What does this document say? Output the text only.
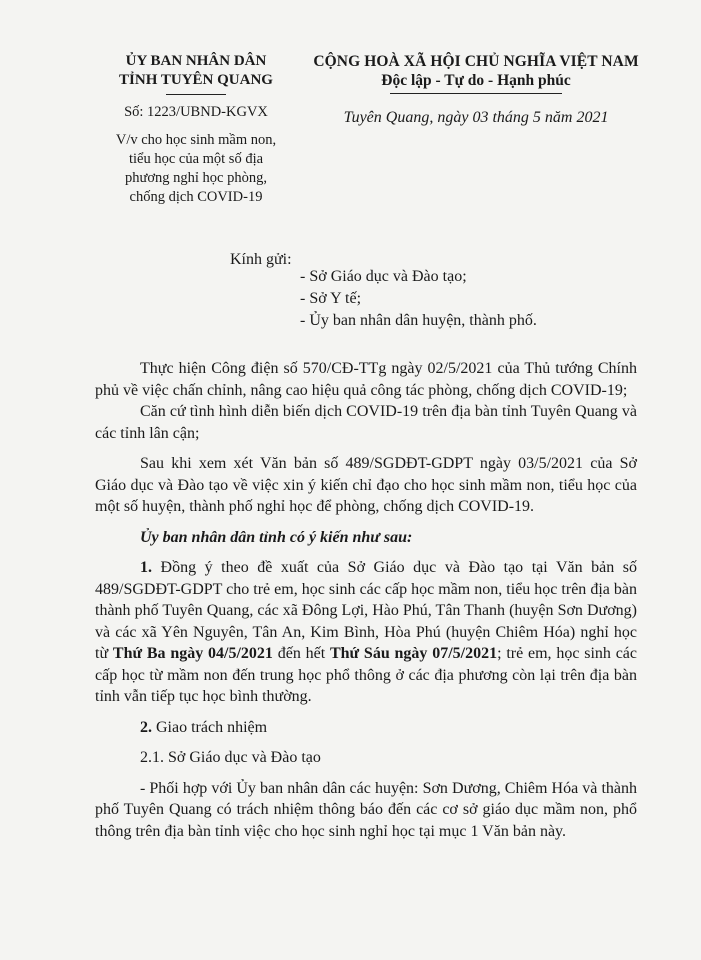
ỦY BAN NHÂN DÂN
TỈNH TUYÊN QUANG
Số: 1223/UBND-KGVX
V/v cho học sinh mầm non,
tiểu học của một số địa
phương nghỉ học phòng,
chống dịch COVID-19
CỘNG HOÀ XÃ HỘI CHỦ NGHĨA VIỆT NAM
Độc lập - Tự do - Hạnh phúc
Tuyên Quang, ngày 03 tháng 5 năm 2021
Kính gửi:
- Sở Giáo dục và Đào tạo;
- Sở Y tế;
- Ủy ban nhân dân huyện, thành phố.

Thực hiện Công điện số 570/CĐ-TTg ngày 02/5/2021 của Thủ tướng Chính phủ về việc chấn chỉnh, nâng cao hiệu quả công tác phòng, chống dịch COVID-19;

Căn cứ tình hình diễn biến dịch COVID-19 trên địa bàn tỉnh Tuyên Quang và các tỉnh lân cận;

Sau khi xem xét Văn bản số 489/SGDĐT-GDPT ngày 03/5/2021 của Sở Giáo dục và Đào tạo về việc xin ý kiến chỉ đạo cho học sinh mầm non, tiểu học của một số huyện, thành phố nghỉ học để phòng, chống dịch COVID-19.

Ủy ban nhân dân tỉnh có ý kiến như sau:

1. Đồng ý theo đề xuất của Sở Giáo dục và Đào tạo tại Văn bản số 489/SGDĐT-GDPT cho trẻ em, học sinh các cấp học mầm non, tiểu học trên địa bàn thành phố Tuyên Quang, các xã Đông Lợi, Hào Phú, Tân Thanh (huyện Sơn Dương) và các xã Yên Nguyên, Tân An, Kim Bình, Hòa Phú (huyện Chiêm Hóa) nghỉ học từ Thứ Ba ngày 04/5/2021 đến hết Thứ Sáu ngày 07/5/2021; trẻ em, học sinh các cấp học từ mầm non đến trung học phổ thông ở các địa phương còn lại trên địa bàn tỉnh vẫn tiếp tục học bình thường.

2. Giao trách nhiệm

2.1. Sở Giáo dục và Đào tạo

- Phối hợp với Ủy ban nhân dân các huyện: Sơn Dương, Chiêm Hóa và thành phố Tuyên Quang có trách nhiệm thông báo đến các cơ sở giáo dục mầm non, phổ thông trên địa bàn tỉnh việc cho học sinh nghỉ học tại mục 1 Văn bản này.
